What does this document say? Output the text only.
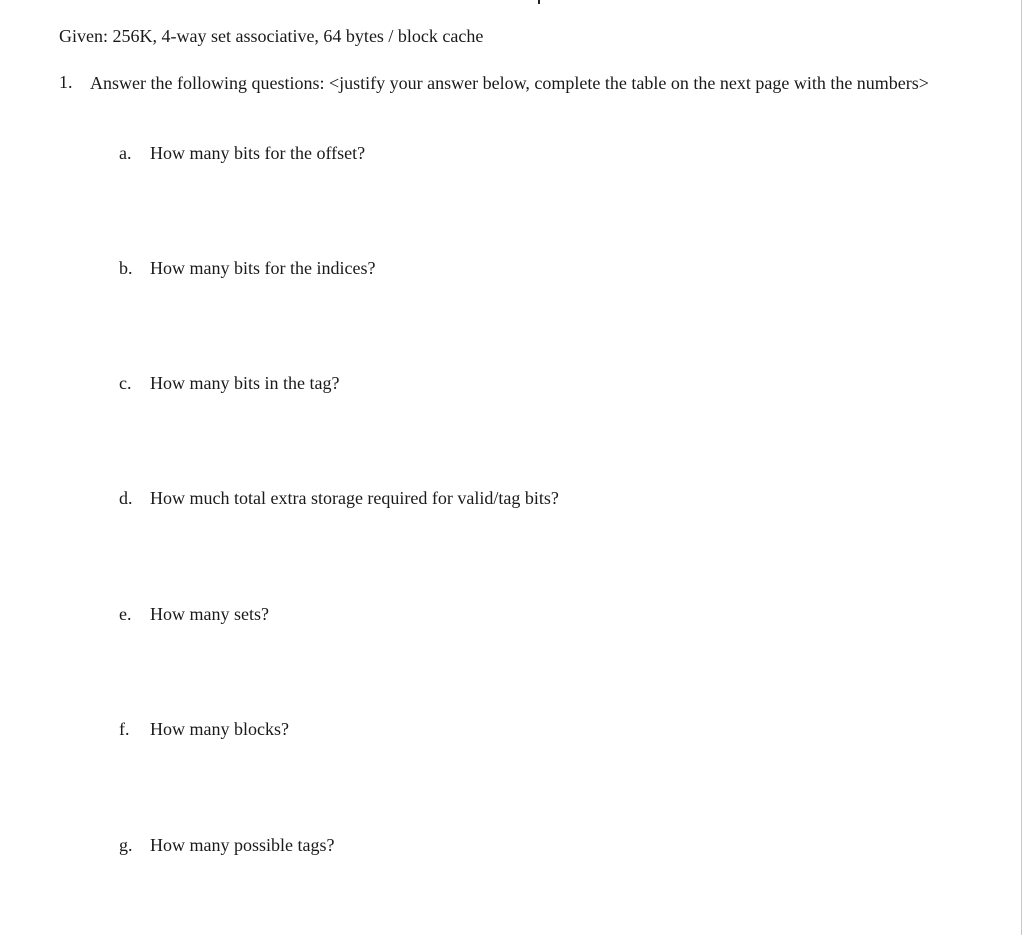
Given: 256K, 4-way set associative, 64 bytes / block cache
1. Answer the following questions: <justify your answer below, complete the table on the next page with the numbers>
a. How many bits for the offset?
b. How many bits for the indices?
c. How many bits in the tag?
d. How much total extra storage required for valid/tag bits?
e. How many sets?
f. How many blocks?
g. How many possible tags?
